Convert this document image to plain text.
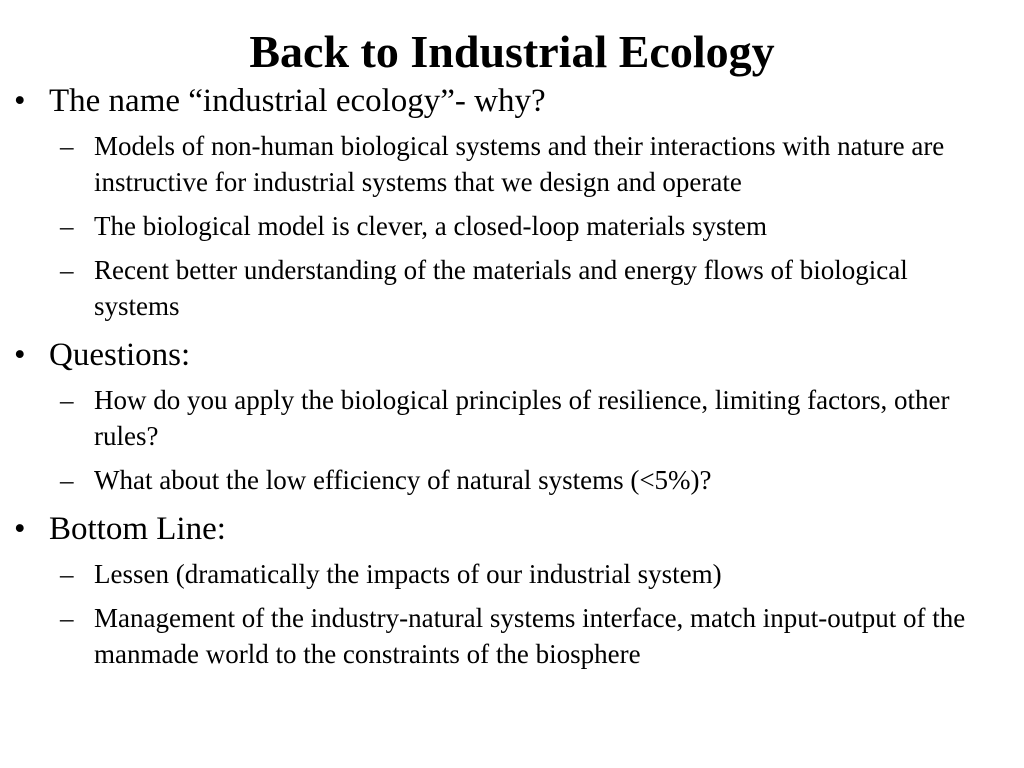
Back to Industrial Ecology
• The name “industrial ecology”- why?
– Models of non-human biological systems and their interactions with nature are instructive for industrial systems that we design and operate
– The biological model is clever, a closed-loop materials system
– Recent better understanding of the materials and energy flows of biological systems
• Questions:
– How do you apply the biological principles of resilience, limiting factors, other rules?
– What about the low efficiency of natural systems (<5%)?
• Bottom Line:
– Lessen (dramatically the impacts of our industrial system)
– Management of the industry-natural systems interface, match input-output of the manmade world to the constraints of the biosphere
